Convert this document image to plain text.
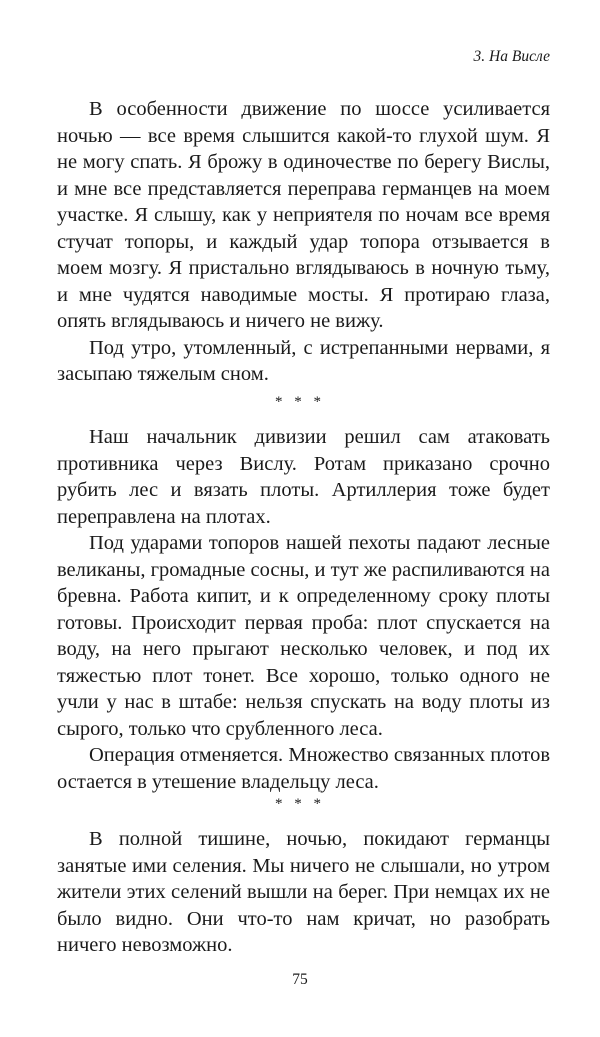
3. На Висле

В особенности движение по шоссе усиливается ночью — все время слышится какой-то глухой шум. Я не могу спать. Я брожу в одиночестве по берегу Вислы, и мне все представляется переправа германцев на моем участке. Я слышу, как у неприятеля по ночам все время стучат топоры, и каждый удар топора отзывается в моем мозгу. Я пристально вглядываюсь в ночную тьму, и мне чудятся наводимые мосты. Я протираю глаза, опять вглядываюсь и ничего не вижу.

Под утро, утомленный, с истрепанными нервами, я засыпаю тяжелым сном.

* * *

Наш начальник дивизии решил сам атаковать противника через Вислу. Ротам приказано срочно рубить лес и вязать плоты. Артиллерия тоже будет переправлена на плотах.

Под ударами топоров нашей пехоты падают лесные великаны, громадные сосны, и тут же распиливаются на бревна. Работа кипит, и к определенному сроку плоты готовы. Происходит первая проба: плот спускается на воду, на него прыгают несколько человек, и под их тяжестью плот тонет. Все хорошо, только одного не учли у нас в штабе: нельзя спускать на воду плоты из сырого, только что срубленного леса.

Операция отменяется. Множество связанных плотов остается в утешение владельцу леса.

* * *

В полной тишине, ночью, покидают германцы занятые ими селения. Мы ничего не слышали, но утром жители этих селений вышли на берег. При немцах их не было видно. Они что-то нам кричат, но разобрать ничего невозможно.

75
